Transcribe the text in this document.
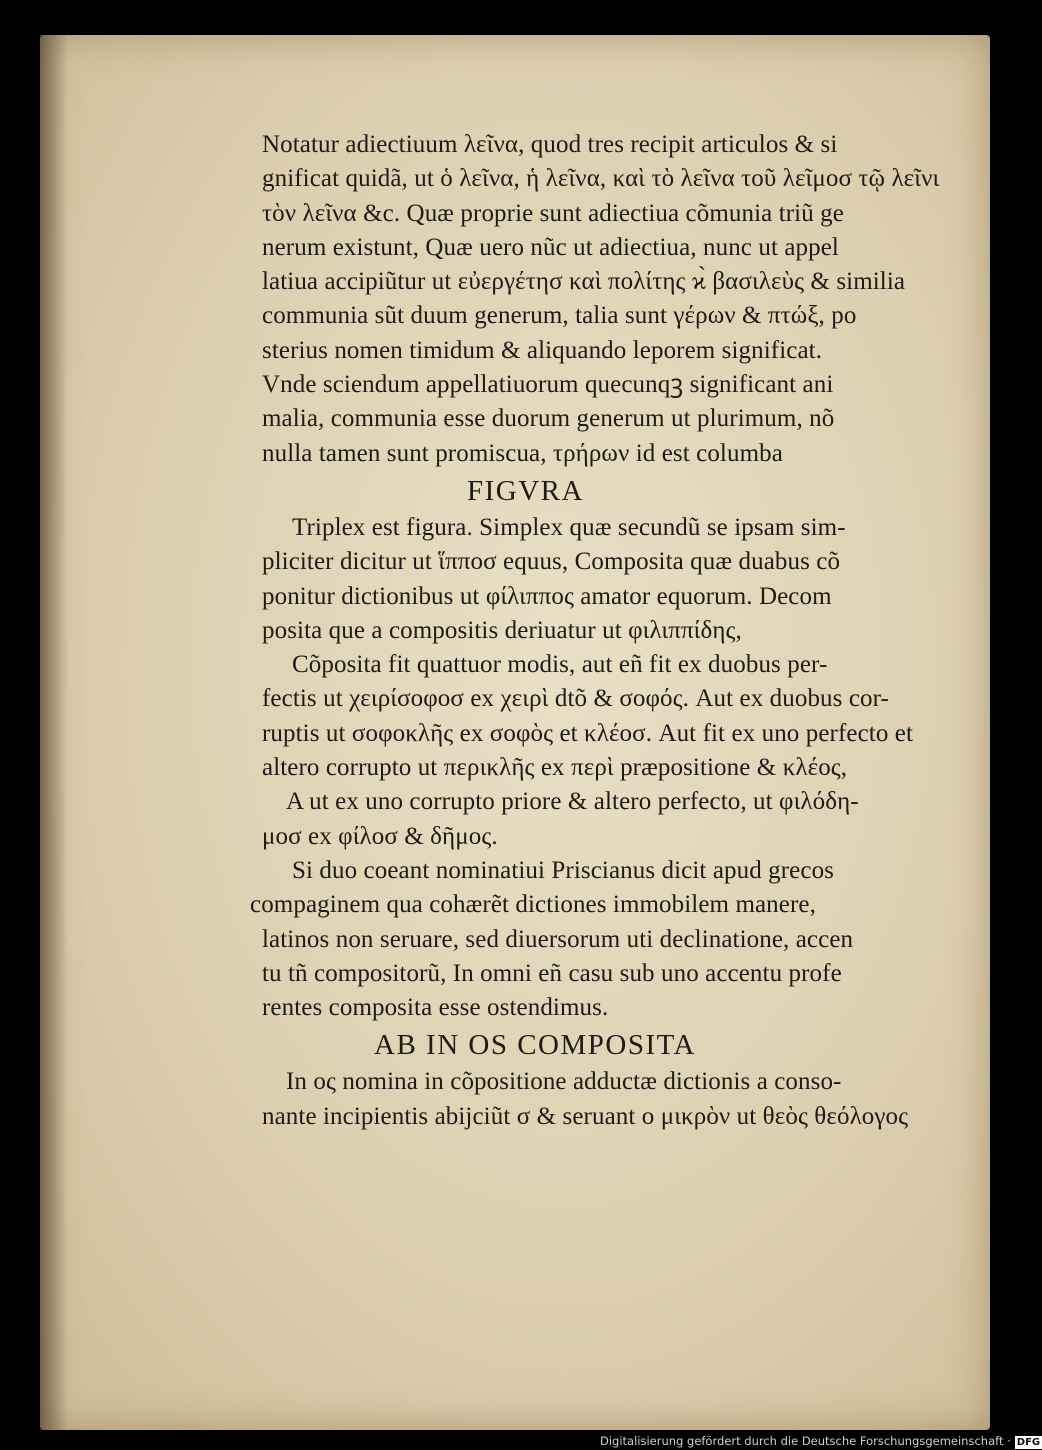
Notatur adiectiuum λεῖνα, quod tres recipit articulos & si
gnificat quidã, ut ὁ λεῖνα, ἡ λεῖνα, καὶ τὸ λεῖνα τοῦ λεῖμοσ τῷ λεῖνι
τὸν λεῖνα &c. Quæ proprie sunt adiectiua cõmunia triũ ge
nerum existunt, Quæ uero nũc ut adiectiua, nunc ut appel
latiua accipiũtur ut εὐεργέτησ καὶ πολίτης ϰ̀ βασιλεὺς & similia
communia sũt duum generum, talia sunt γέρων & πτώξ, po
sterius nomen timidum & aliquando leporem significat.
Vnde sciendum appellatiuorum quecunqꝫ significant ani
malia, communia esse duorum generum ut plurimum, nõ
nulla tamen sunt promiscua, τρήρων id est columba
FIGVRA
Triplex est figura. Simplex quæ secundũ se ipsam sim-
pliciter dicitur ut ἵπποσ equus, Composita quæ duabus cõ
ponitur dictionibus ut φίλιππος amator equorum. Decom
posita que a compositis deriuatur ut φιλιππίδης,
Cõposita fit quattuor modis, aut eñ fit ex duobus per-
fectis ut χειρίσοφοσ ex χειρὶ dtõ & σοφός. Aut ex duobus cor-
ruptis ut σοφοκλῆς ex σοφὸς et κλέοσ. Aut fit ex uno perfecto et
altero corrupto ut περικλῆς ex περὶ præpositione & κλέος,
A ut ex uno corrupto priore & altero perfecto, ut φιλόδη-
μοσ ex φίλοσ & δῆμος.
Si duo coeant nominatiui Priscianus dicit apud grecos
compaginem qua cohærẽt dictiones immobilem manere,
latinos non seruare, sed diuersorum uti declinatione, accen
tu tñ compositorũ, In omni eñ casu sub uno accentu profe
rentes composita esse ostendimus.
AB IN OS COMPOSITA
In ος nomina in cõpositione adductæ dictionis a conso-
nante incipientis abijciũt σ & seruant ο μικρὸν ut θεὸς θεόλογος
Digitalisierung gefördert durch die Deutsche Forschungsgemeinschaft · DFG
